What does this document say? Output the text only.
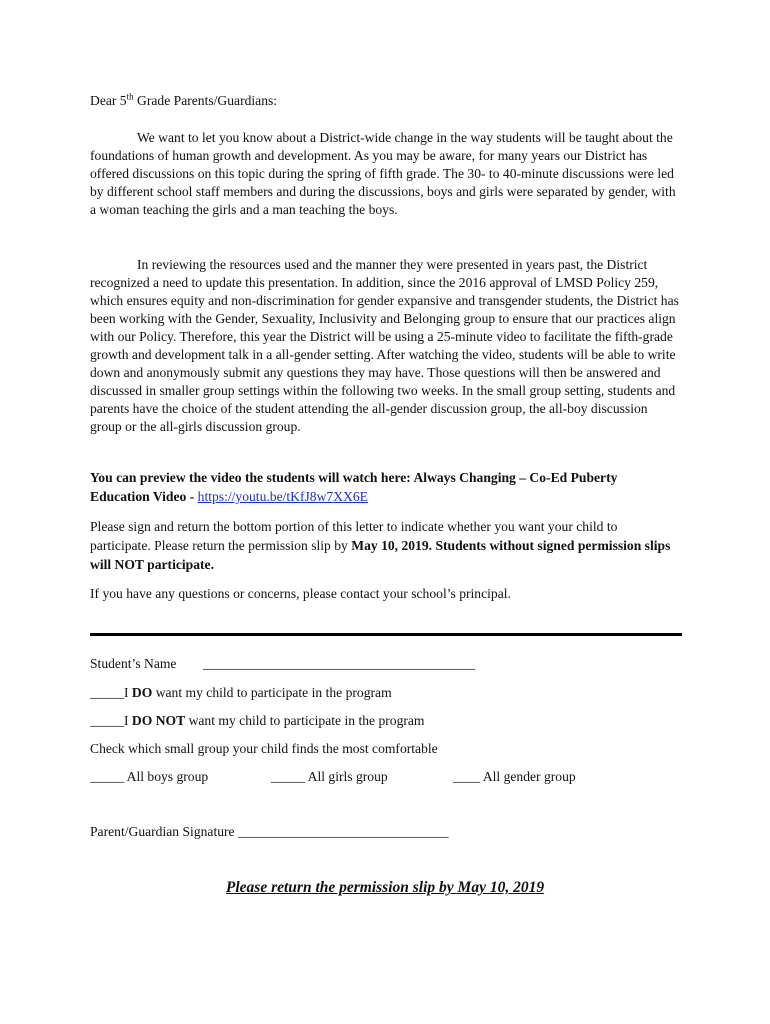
Dear 5th Grade Parents/Guardians:
We want to let you know about a District-wide change in the way students will be taught about the foundations of human growth and development. As you may be aware, for many years our District has offered discussions on this topic during the spring of fifth grade. The 30- to 40-minute discussions were led by different school staff members and during the discussions, boys and girls were separated by gender, with a woman teaching the girls and a man teaching the boys.
In reviewing the resources used and the manner they were presented in years past, the District recognized a need to update this presentation. In addition, since the 2016 approval of LMSD Policy 259, which ensures equity and non-discrimination for gender expansive and transgender students, the District has been working with the Gender, Sexuality, Inclusivity and Belonging group to ensure that our practices align with our Policy. Therefore, this year the District will be using a 25-minute video to facilitate the fifth-grade growth and development talk in a all-gender setting. After watching the video, students will be able to write down and anonymously submit any questions they may have. Those questions will then be answered and discussed in smaller group settings within the following two weeks. In the small group setting, students and parents have the choice of the student attending the all-gender discussion group, the all-boy discussion group or the all-girls discussion group.
You can preview the video the students will watch here: Always Changing – Co-Ed Puberty Education Video - https://youtu.be/tKfJ8w7XX6E
Please sign and return the bottom portion of this letter to indicate whether you want your child to participate. Please return the permission slip by May 10, 2019. Students without signed permission slips will NOT participate.
If you have any questions or concerns, please contact your school’s principal.
Student’s Name ________________________________________
_____I DO want my child to participate in the program
_____I DO NOT want my child to participate in the program
Check which small group your child finds the most comfortable
_____ All boys group	_____ All girls group	____ All gender group
Parent/Guardian Signature _______________________________
Please return the permission slip by May 10, 2019
